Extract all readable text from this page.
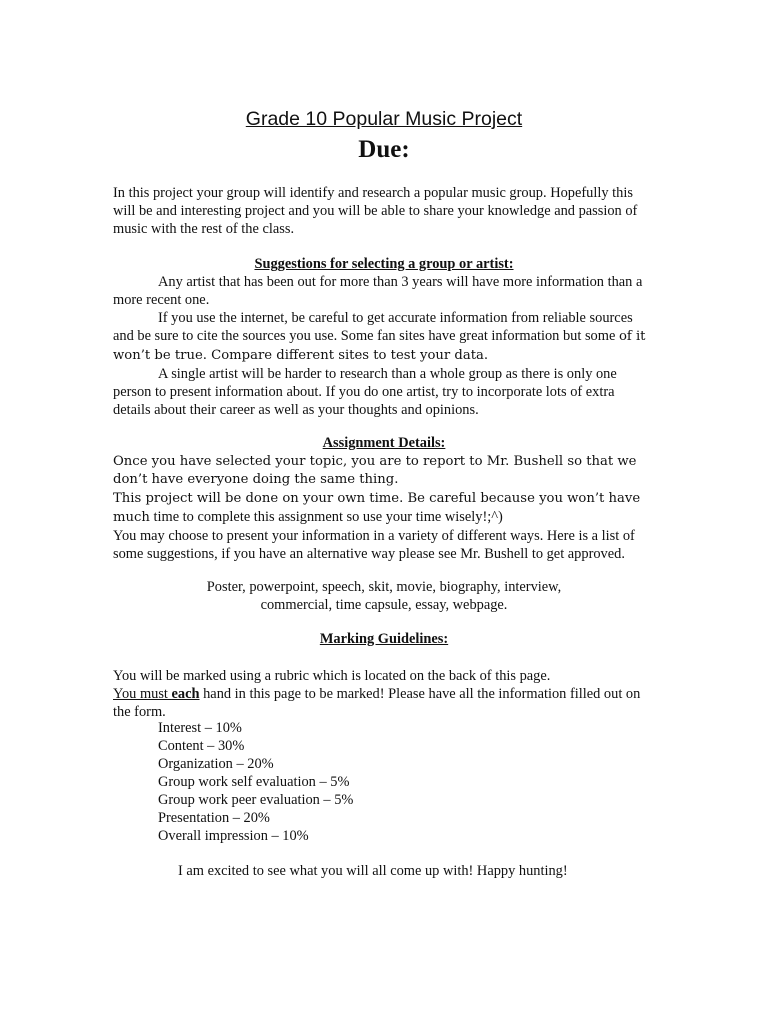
Grade 10 Popular Music Project
Due:
In this project your group will identify and research a popular music group. Hopefully this will be and interesting project and you will be able to share your knowledge and passion of music with the rest of the class.
Suggestions for selecting a group or artist:

Any artist that has been out for more than 3 years will have more information than a more recent one.

If you use the internet, be careful to get accurate information from reliable sources and be sure to cite the sources you use. Some fan sites have great information but some of it won’t be true. Compare different sites to test your data.

A single artist will be harder to research than a whole group as there is only one person to present information about. If you do one artist, try to incorporate lots of extra details about their career as well as your thoughts and opinions.

Assignment Details:

Once you have selected your topic, you are to report to Mr. Bushell so that we don’t have everyone doing the same thing.

This project will be done on your own time. Be careful because you won’t have much time to complete this assignment so use your time wisely!;^)

You may choose to present your information in a variety of different ways. Here is a list of some suggestions, if you have an alternative way please see Mr. Bushell to get approved.

Poster, powerpoint, speech, skit, movie, biography, interview,
commercial, time capsule, essay, webpage.
Marking Guidelines:

You will be marked using a rubric which is located on the back of this page.

You must each hand in this page to be marked! Please have all the information filled out on the form.

Interest – 10%
Content – 30%
Organization – 20%
Group work self evaluation – 5%
Group work peer evaluation – 5%
Presentation – 20%
Overall impression – 10%
I am excited to see what you will all come up with! Happy hunting!
